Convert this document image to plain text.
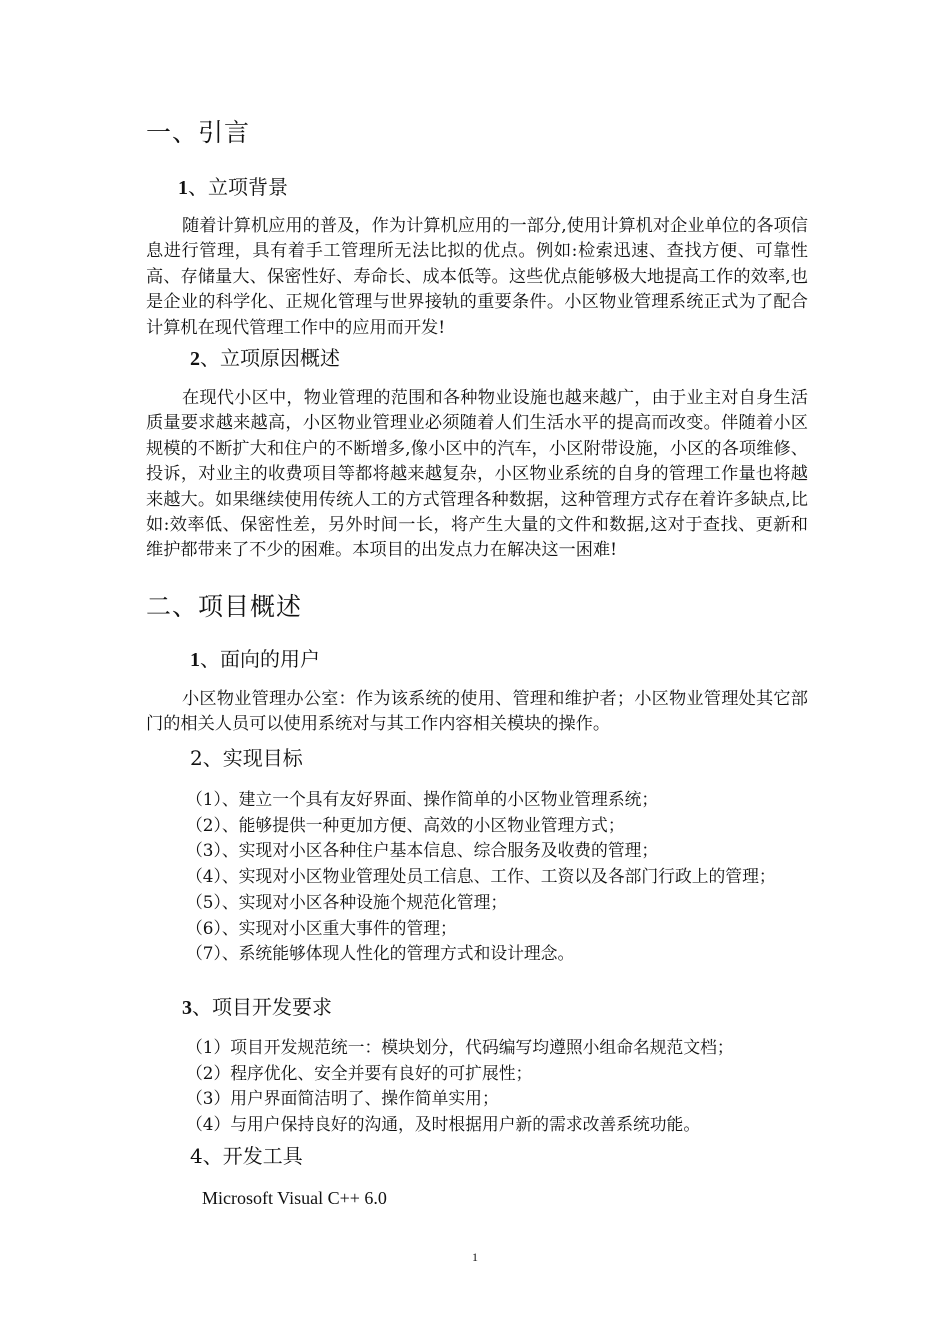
一、引言
1、立项背景

随着计算机应用的普及，作为计算机应用的一部分,使用计算机对企业单位的各项信息进行管理，具有着手工管理所无法比拟的优点。例如:检索迅速、查找方便、可靠性高、存储量大、保密性好、寿命长、成本低等。这些优点能够极大地提高工作的效率,也是企业的科学化、正规化管理与世界接轨的重要条件。小区物业管理系统正式为了配合计算机在现代管理工作中的应用而开发!

2、立项原因概述

在现代小区中，物业管理的范围和各种物业设施也越来越广，由于业主对自身生活质量要求越来越高，小区物业管理业必须随着人们生活水平的提高而改变。伴随着小区规模的不断扩大和住户的不断增多,像小区中的汽车，小区附带设施，小区的各项维修、投诉，对业主的收费项目等都将越来越复杂，小区物业系统的自身的管理工作量也将越来越大。如果继续使用传统人工的方式管理各种数据，这种管理方式存在着许多缺点,比如:效率低、保密性差，另外时间一长，将产生大量的文件和数据,这对于查找、更新和维护都带来了不少的困难。本项目的出发点力在解决这一困难!

二、项目概述
1、面向的用户

小区物业管理办公室：作为该系统的使用、管理和维护者；小区物业管理处其它部门的相关人员可以使用系统对与其工作内容相关模块的操作。

2、实现目标
（1）、建立一个具有友好界面、操作简单的小区物业管理系统；
（2）、能够提供一种更加方便、高效的小区物业管理方式；
（3）、实现对小区各种住户基本信息、综合服务及收费的管理；
（4）、实现对小区物业管理处员工信息、工作、工资以及各部门行政上的管理；
（5）、实现对小区各种设施个规范化管理；
（6）、实现对小区重大事件的管理；
（7）、系统能够体现人性化的管理方式和设计理念。
3、项目开发要求
（1）项目开发规范统一：模块划分，代码编写均遵照小组命名规范文档；
（2）程序优化、安全并要有良好的可扩展性；
（3）用户界面简洁明了、操作简单实用；
（4）与用户保持良好的沟通，及时根据用户新的需求改善系统功能。
4、开发工具
Microsoft Visual C++ 6.0
1
